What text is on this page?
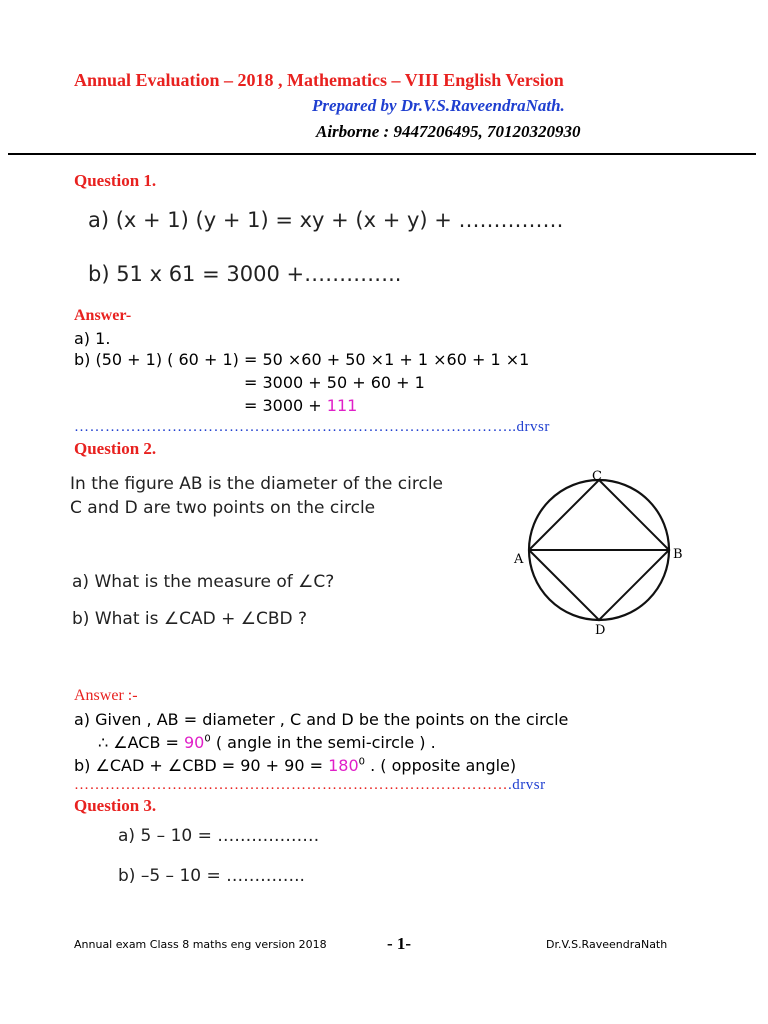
Annual Evaluation – 2018 , Mathematics – VIII English Version
Prepared by Dr.V.S.RaveendraNath.
Airborne : 9447206495, 70120320930
Question 1.
a) (x + 1) (y + 1) = xy + (x + y) + ……………
b) 51 x 61 = 3000 +…………..
Answer-
a) 1.
b) (50 + 1) ( 60 + 1) = 50 ⨯60 + 50 ⨯1 + 1 ⨯60 + 1 ⨯1
= 3000 + 50 + 60 + 1
= 3000 + 111
…………………………………………………………………………..drvsr
Question 2.
In the figure AB is the diameter of the circle
C and D are two points on the circle
a) What is the measure of ∠C?
b) What is ∠CAD + ∠CBD ?
C
A	B
D
Answer :-
a) Given , AB = diameter , C and D be the points on the circle
∴ ∠ACB = $90^0$ ( angle in the semi-circle ) .
b) ∠CAD + ∠CBD = $90 + 90 = 180^0$ . ( opposite angle)
………………………………………………………………………….drvsr
Question 3.
a) 5 – 10 = ………………
b) –5 – 10 = …………..
Annual exam Class 8 maths eng version 2018	- 1-	Dr.V.S.RaveendraNath
